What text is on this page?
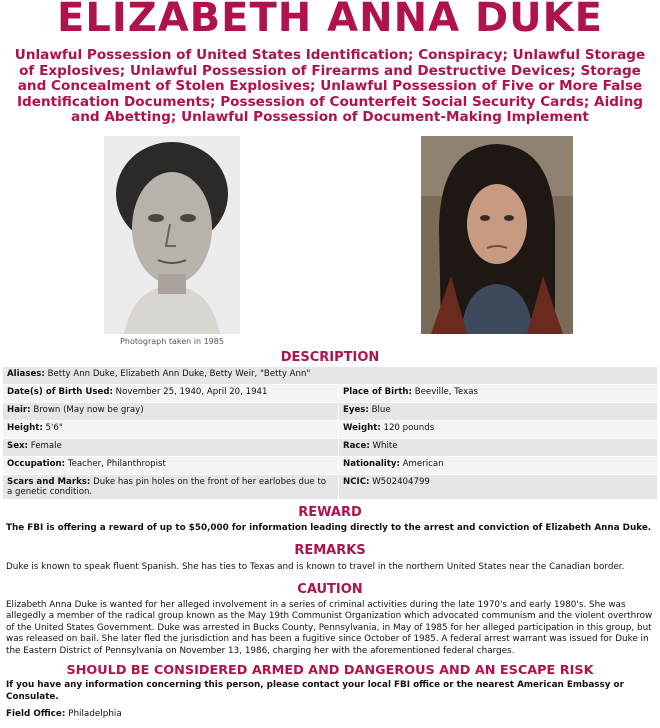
ELIZABETH ANNA DUKE
Unlawful Possession of United States Identification; Conspiracy; Unlawful Storage of Explosives; Unlawful Possession of Firearms and Destructive Devices; Storage and Concealment of Stolen Explosives; Unlawful Possession of Five or More False Identification Documents; Possession of Counterfeit Social Security Cards; Aiding and Abetting; Unlawful Possession of Document-Making Implement
Photograph taken in 1985
DESCRIPTION
Aliases: Betty Ann Duke, Elizabeth Ann Duke, Betty Weir, "Betty Ann"	
Date(s) of Birth Used: November 25, 1940, April 20, 1941	Place of Birth: Beeville, Texas
Hair: Brown (May now be gray)	Eyes: Blue
Height: 5'6"	Weight: 120 pounds
Sex: Female	Race: White
Occupation: Teacher, Philanthropist	Nationality: American
Scars and Marks: Duke has pin holes on the front of her earlobes due to a genetic condition.	NCIC: W502404799
REWARD

The FBI is offering a reward of up to $50,000 for information leading directly to the arrest and conviction of Elizabeth Anna Duke.

REMARKS

Duke is known to speak fluent Spanish. She has ties to Texas and is known to travel in the northern United States near the Canadian border.

CAUTION

Elizabeth Anna Duke is wanted for her alleged involvement in a series of criminal activities during the late 1970's and early 1980's. She was allegedly a member of the radical group known as the May 19th Communist Organization which advocated communism and the violent overthrow of the United States Government. Duke was arrested in Bucks County, Pennsylvania, in May of 1985 for her alleged participation in this group, but was released on bail. She later fled the jurisdiction and has been a fugitive since October of 1985. A federal arrest warrant was issued for Duke in the Eastern District of Pennsylvania on November 13, 1986, charging her with the aforementioned federal charges.

SHOULD BE CONSIDERED ARMED AND DANGEROUS AND AN ESCAPE RISK

If you have any information concerning this person, please contact your local FBI office or the nearest American Embassy or Consulate.

Field Office: Philadelphia
